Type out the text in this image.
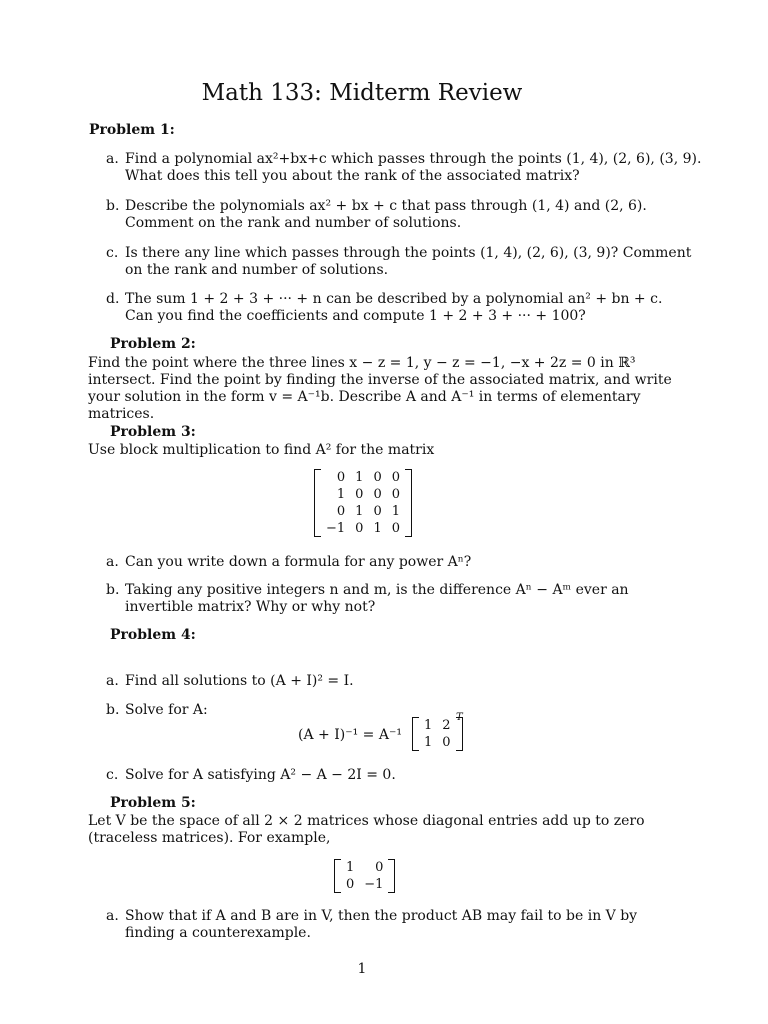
Math 133: Midterm Review
Problem 1:
a. Find a polynomial ax²+bx+c which passes through the points (1, 4), (2, 6), (3, 9).
What does this tell you about the rank of the associated matrix?
b. Describe the polynomials ax² + bx + c that pass through (1, 4) and (2, 6).
Comment on the rank and number of solutions.
c. Is there any line which passes through the points (1, 4), (2, 6), (3, 9)? Comment
on the rank and number of solutions.
d. The sum 1 + 2 + 3 + ··· + n can be described by a polynomial an² + bn + c.
Can you find the coefficients and compute 1 + 2 + 3 + ··· + 100?
Problem 2:
Find the point where the three lines x − z = 1, y − z = −1, −x + 2z = 0 in ℝ³
intersect. Find the point by finding the inverse of the associated matrix, and write
your solution in the form v = A⁻¹b. Describe A and A⁻¹ in terms of elementary
matrices.
Problem 3:
Use block multiplication to find A² for the matrix
0	1	0	0
1	0	0	0
0	1	0	1
−1	0	1	0
a. Can you write down a formula for any power Aⁿ?
b. Taking any positive integers n and m, is the difference Aⁿ − Aᵐ ever an
invertible matrix? Why or why not?
Problem 4:
a. Find all solutions to (A + I)² = I.
b. Solve for A:
(A + I)⁻¹ = A⁻¹
1	2
1	0
T
c. Solve for A satisfying A² − A − 2I = 0.
Problem 5:
Let V be the space of all 2 × 2 matrices whose diagonal entries add up to zero
(traceless matrices). For example,
1	0
0	−1
a. Show that if A and B are in V, then the product AB may fail to be in V by
finding a counterexample.
1
